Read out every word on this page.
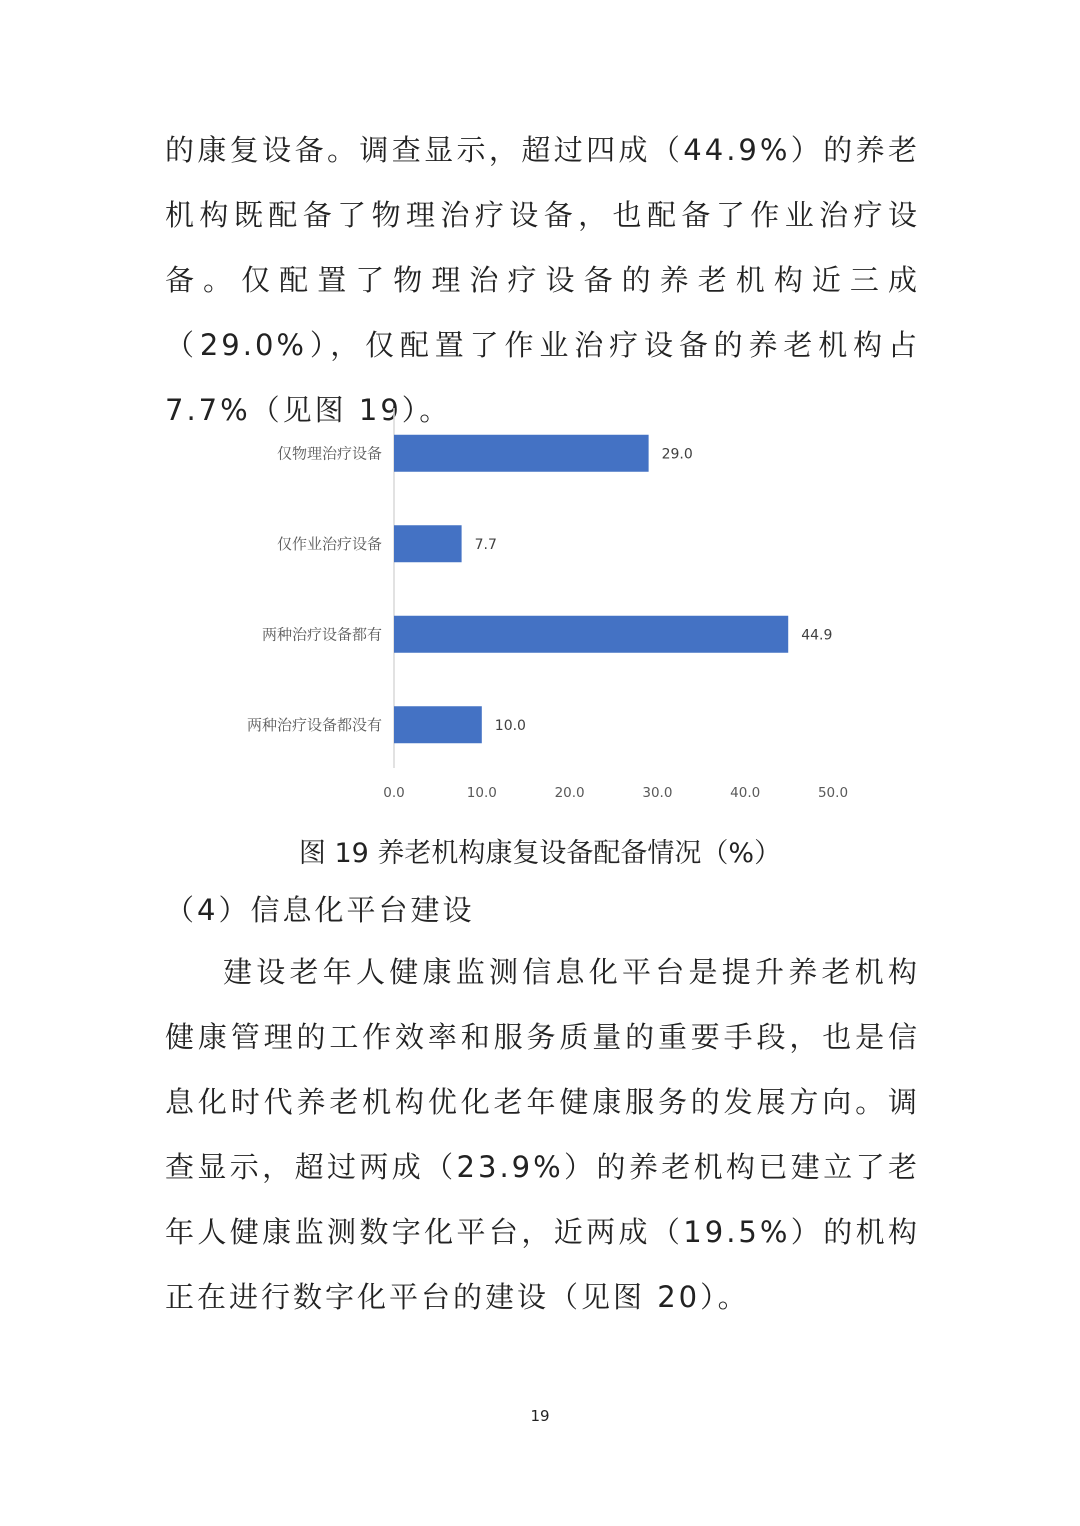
的康复设备。调查显示，超过四成（44.9%）的养老机构既配备了物理治疗设备，也配备了作业治疗设备。仅配置了物理治疗设备的养老机构近三成（29.0%），仅配置了作业治疗设备的养老机构占 7.7%（见图 19）。

仅物理治疗设备	29.0
仅作业治疗设备	7.7
两种治疗设备都有	44.9
两种治疗设备都没有	10.0
0.0	10.0	20.0	30.0	40.0	50.0

图 19 养老机构康复设备配备情况（%）

（4）信息化平台建设

建设老年人健康监测信息化平台是提升养老机构健康管理的工作效率和服务质量的重要手段，也是信息化时代养老机构优化老年健康服务的发展方向。调查显示，超过两成（23.9%）的养老机构已建立了老年人健康监测数字化平台，近两成（19.5%）的机构正在进行数字化平台的建设（见图 20）。

19
